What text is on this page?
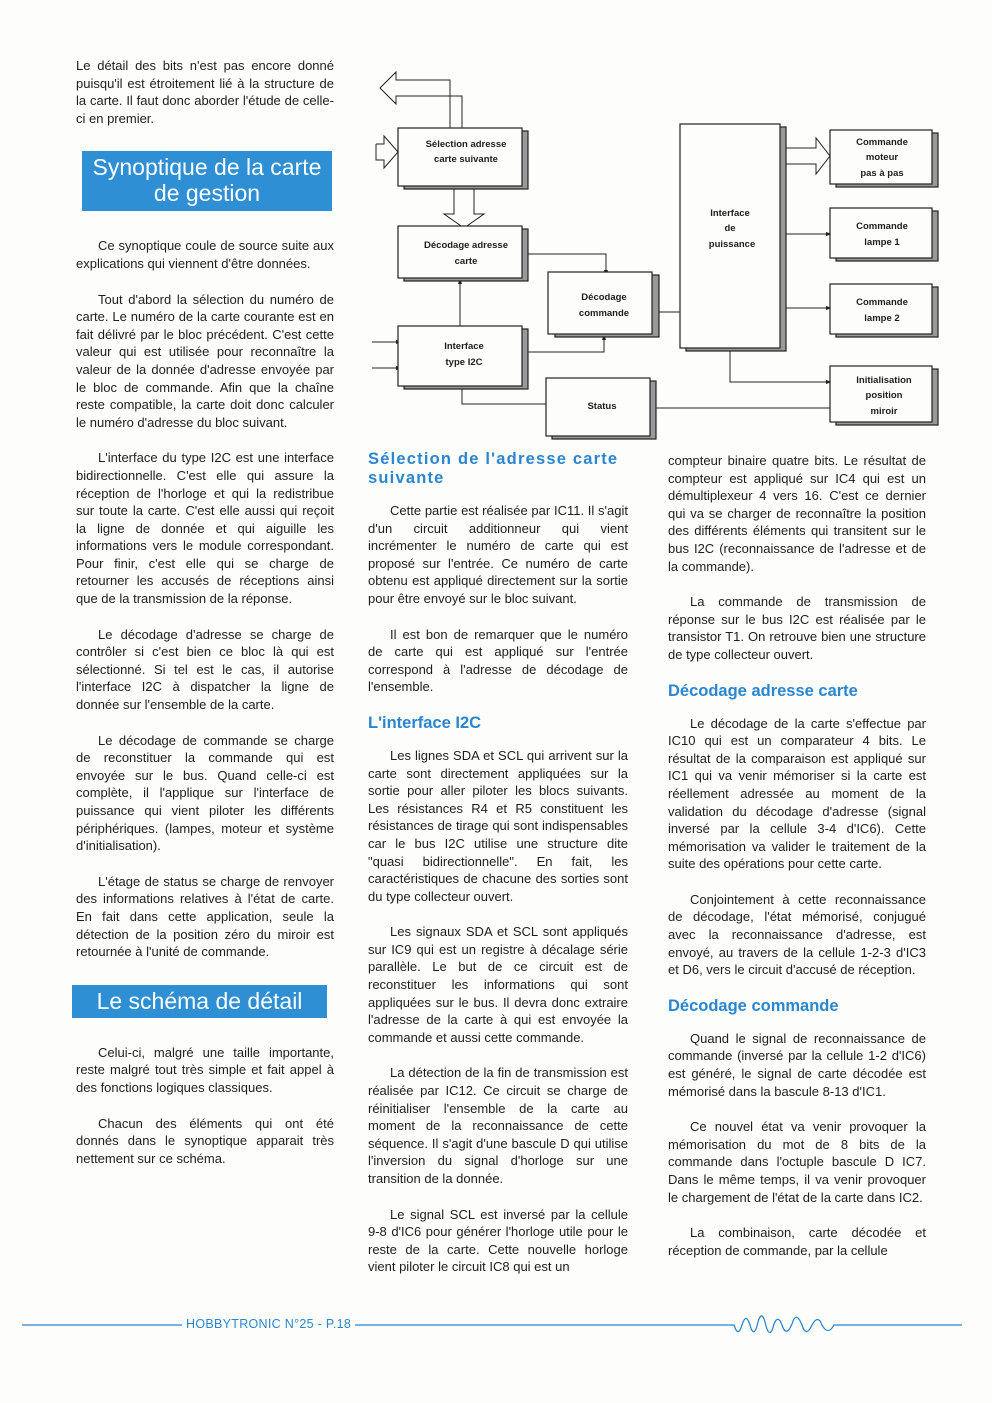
Le détail des bits n'est pas encore donné puisqu'il est étroitement lié à la structure de la carte. Il faut donc aborder l'étude de celle-ci en premier.

Synoptique de la carte de gestion

Ce synoptique coule de source suite aux explications qui viennent d'être données.

Tout d'abord la sélection du numéro de carte. Le numéro de la carte courante est en fait délivré par le bloc précédent. C'est cette valeur qui est utilisée pour reconnaître la valeur de la donnée d'adresse envoyée par le bloc de commande. Afin que la chaîne reste compatible, la carte doit donc calculer le numéro d'adresse du bloc suivant.

L'interface du type I2C est une interface bidirectionnelle. C'est elle qui assure la réception de l'horloge et qui la redistribue sur toute la carte. C'est elle aussi qui reçoit la ligne de donnée et qui aiguille les informations vers le module correspondant. Pour finir, c'est elle qui se charge de retourner les accusés de réceptions ainsi que de la transmission de la réponse.

Le décodage d'adresse se charge de contrôler si c'est bien ce bloc là qui est sélectionné. Si tel est le cas, il autorise l'interface I2C à dispatcher la ligne de donnée sur l'ensemble de la carte.

Le décodage de commande se charge de reconstituer la commande qui est envoyée sur le bus. Quand celle-ci est complète, il l'applique sur l'interface de puissance qui vient piloter les différents périphériques. (lampes, moteur et système d'initialisation).

L'étage de status se charge de renvoyer des informations relatives à l'état de carte. En fait dans cette application, seule la détection de la position zéro du miroir est retournée à l'unité de commande.

Le schéma de détail

Celui-ci, malgré une taille importante, reste malgré tout très simple et fait appel à des fonctions logiques classiques.

Chacun des éléments qui ont été donnés dans le synoptique apparait très nettement sur ce schéma.

Sélection adresse
carte suivante
Décodage adresse
carte
Décodage
commande
Interface
type I2C
Status
Interface
de
puissance
Commande
moteur
pas à pas
Commande
lampe 1
Commande
lampe 2
Initialisation
position
miroir
Sélection de l'adresse carte suivante

Cette partie est réalisée par IC11. Il s'agit d'un circuit additionneur qui vient incrémenter le numéro de carte qui est proposé sur l'entrée. Ce numéro de carte obtenu est appliqué directement sur la sortie pour être envoyé sur le bloc suivant.

Il est bon de remarquer que le numéro de carte qui est appliqué sur l'entrée correspond à l'adresse de décodage de l'ensemble.

L'interface I2C

Les lignes SDA et SCL qui arrivent sur la carte sont directement appliquées sur la sortie pour aller piloter les blocs suivants. Les résistances R4 et R5 constituent les résistances de tirage qui sont indispensables car le bus I2C utilise une structure dite "quasi bidirectionnelle". En fait, les caractéristiques de chacune des sorties sont du type collecteur ouvert.

Les signaux SDA et SCL sont appliqués sur IC9 qui est un registre à décalage série parallèle. Le but de ce circuit est de reconstituer les informations qui sont appliquées sur le bus. Il devra donc extraire l'adresse de la carte à qui est envoyée la commande et aussi cette commande.

La détection de la fin de transmission est réalisée par IC12. Ce circuit se charge de réinitialiser l'ensemble de la carte au moment de la reconnaissance de cette séquence. Il s'agit d'une bascule D qui utilise l'inversion du signal d'horloge sur une transition de la donnée.

Le signal SCL est inversé par la cellule 9-8 d'IC6 pour générer l'horloge utile pour le reste de la carte. Cette nouvelle horloge vient piloter le circuit IC8 qui est un

compteur binaire quatre bits. Le résultat de compteur est appliqué sur IC4 qui est un démultiplexeur 4 vers 16. C'est ce dernier qui va se charger de reconnaître la position des différents éléments qui transitent sur le bus I2C (reconnaissance de l'adresse et de la commande).

La commande de transmission de réponse sur le bus I2C est réalisée par le transistor T1. On retrouve bien une structure de type collecteur ouvert.

Décodage adresse carte

Le décodage de la carte s'effectue par IC10 qui est un comparateur 4 bits. Le résultat de la comparaison est appliqué sur IC1 qui va venir mémoriser si la carte est réellement adressée au moment de la validation du décodage d'adresse (signal inversé par la cellule 3-4 d'IC6). Cette mémorisation va valider le traitement de la suite des opérations pour cette carte.

Conjointement à cette reconnaissance de décodage, l'état mémorisé, conjugué avec la reconnaissance d'adresse, est envoyé, au travers de la cellule 1-2-3 d'IC3 et D6, vers le circuit d'accusé de réception.

Décodage commande

Quand le signal de reconnaissance de commande (inversé par la cellule 1-2 d'IC6) est généré, le signal de carte décodée est mémorisé dans la bascule 8-13 d'IC1.

Ce nouvel état va venir provoquer la mémorisation du mot de 8 bits de la commande dans l'octuple bascule D IC7. Dans le même temps, il va venir provoquer le chargement de l'état de la carte dans IC2.

La combinaison, carte décodée et réception de commande, par la cellule

HOBBYTRONIC N°25 - P.18
